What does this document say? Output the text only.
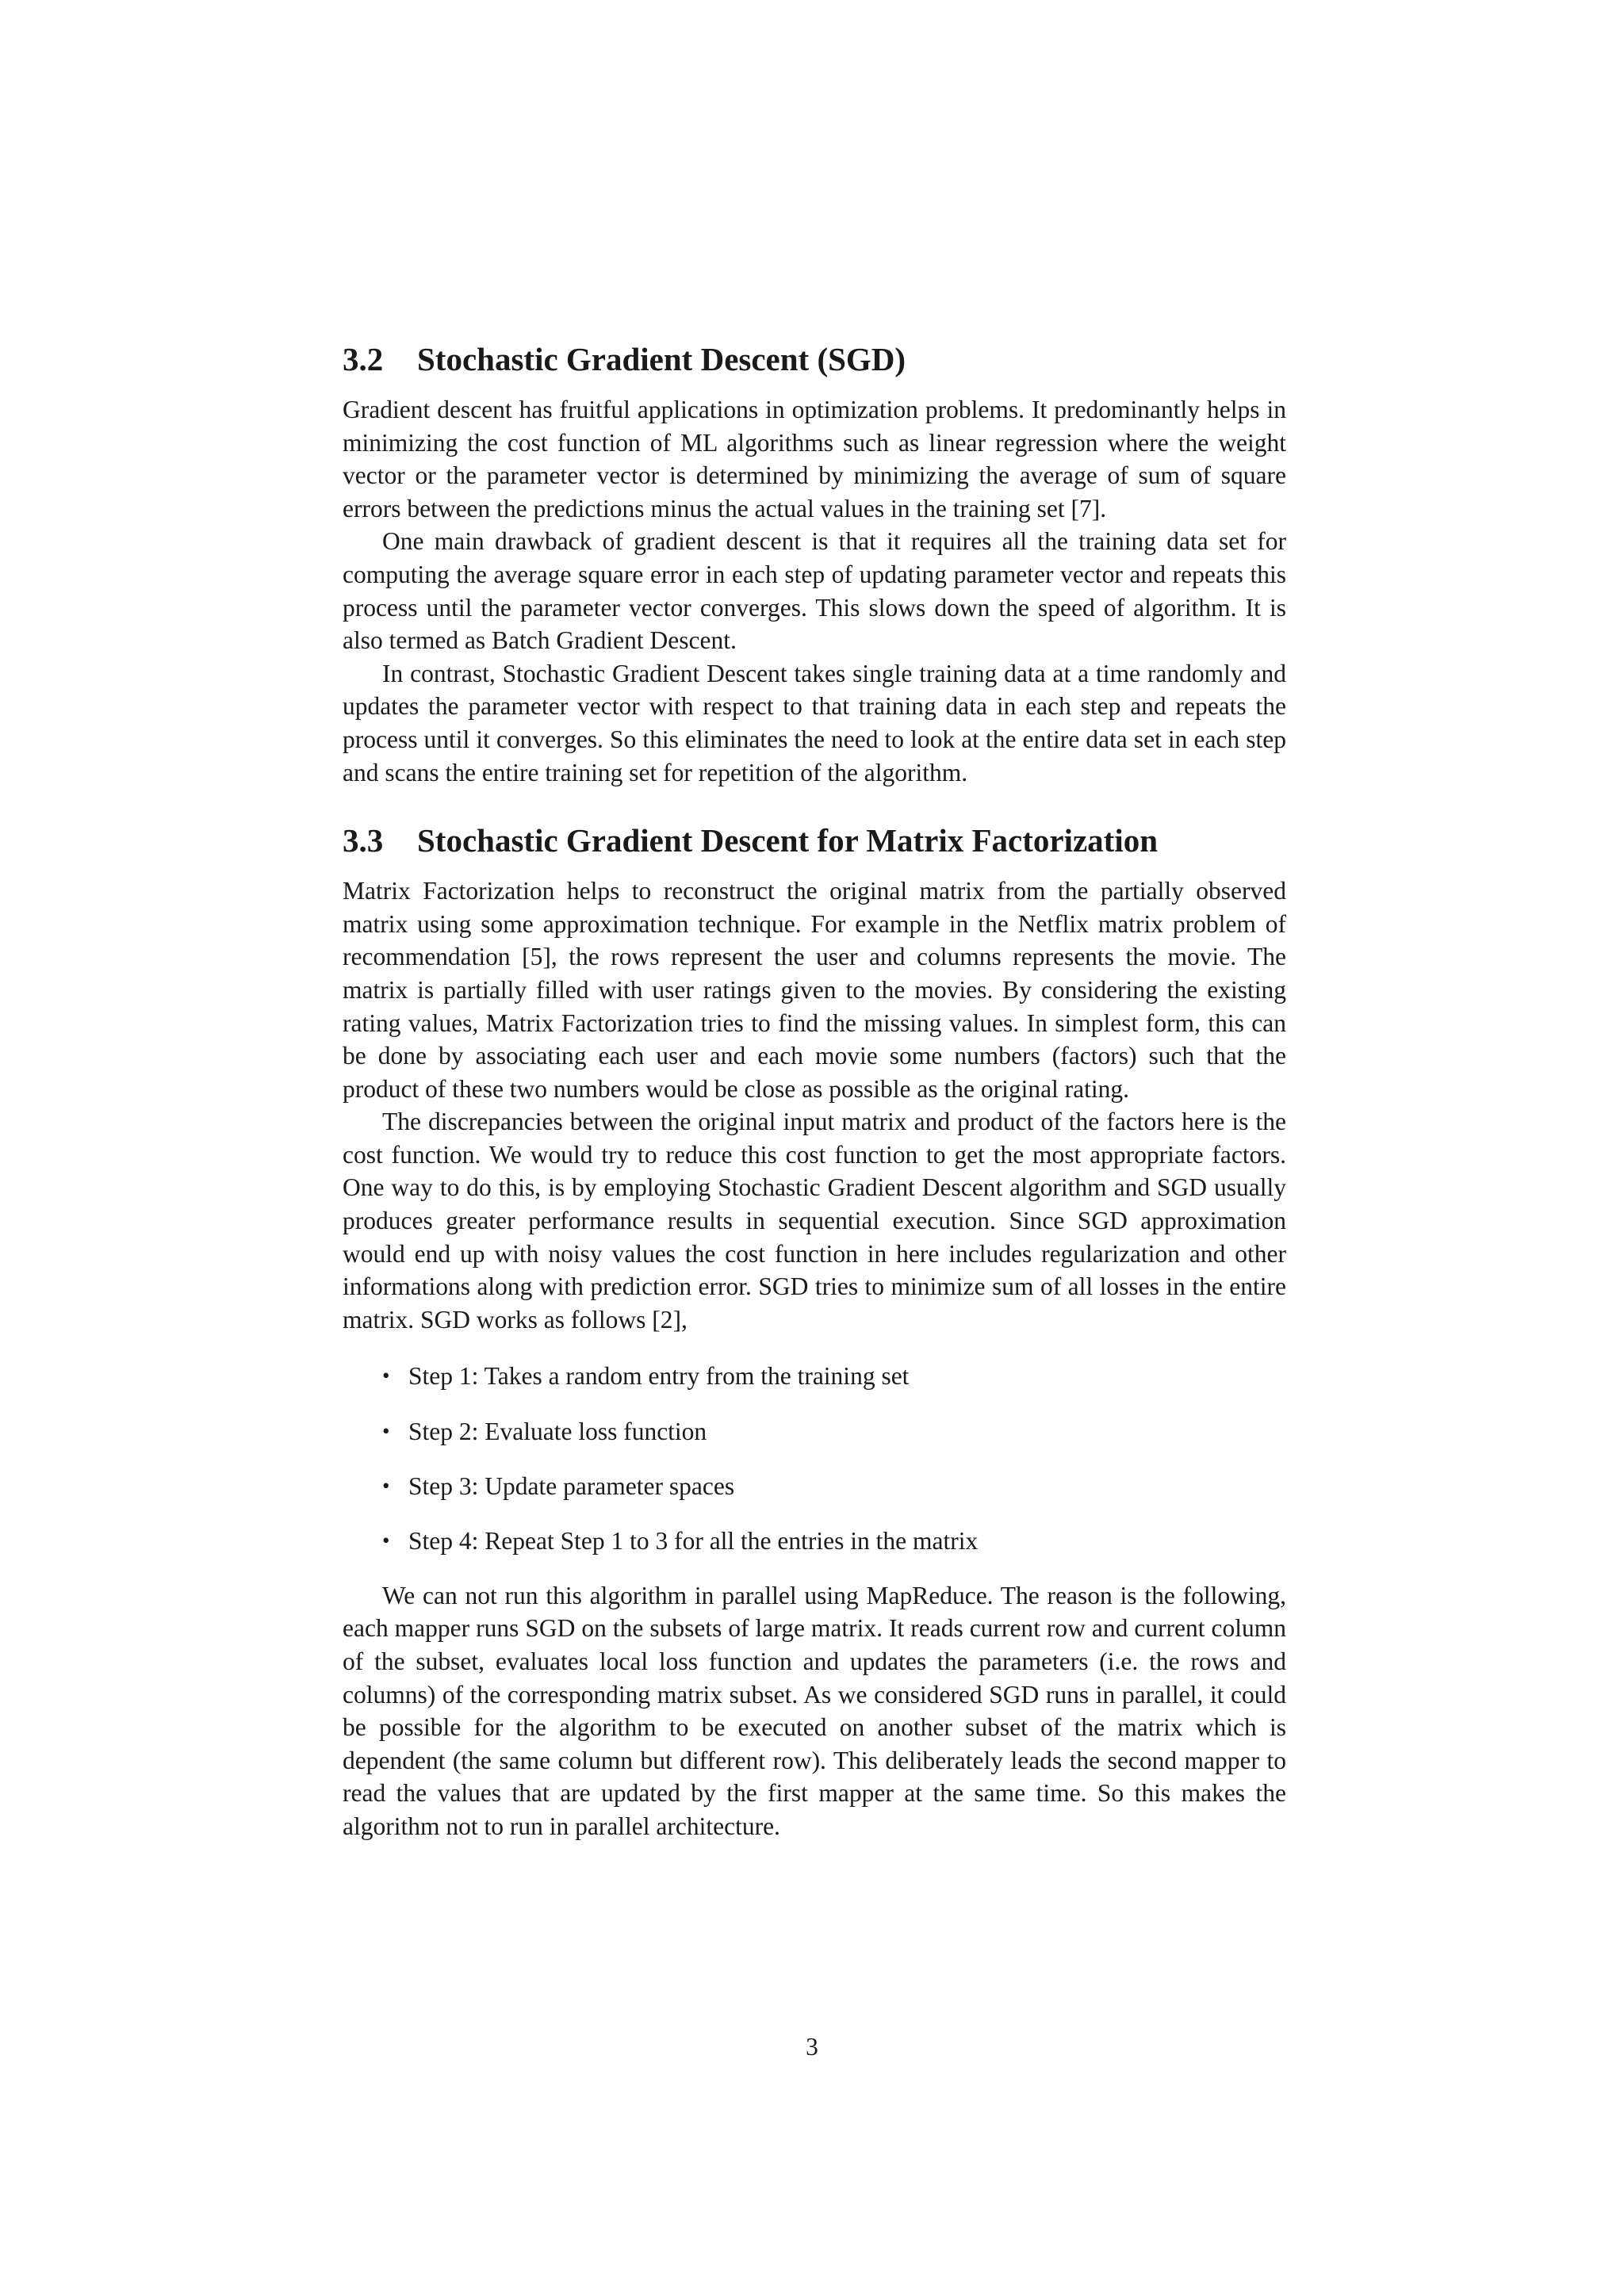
3.2 Stochastic Gradient Descent (SGD)

Gradient descent has fruitful applications in optimization problems. It predominantly helps in minimizing the cost function of ML algorithms such as linear regression where the weight vector or the parameter vector is determined by minimizing the average of sum of square errors between the predictions minus the actual values in the training set [7].

One main drawback of gradient descent is that it requires all the training data set for computing the average square error in each step of updating parameter vector and repeats this process until the parameter vector converges. This slows down the speed of algorithm. It is also termed as Batch Gradient Descent.

In contrast, Stochastic Gradient Descent takes single training data at a time randomly and updates the parameter vector with respect to that training data in each step and repeats the process until it converges. So this eliminates the need to look at the entire data set in each step and scans the entire training set for repetition of the algorithm.

3.3 Stochastic Gradient Descent for Matrix Factorization

Matrix Factorization helps to reconstruct the original matrix from the partially observed matrix using some approximation technique. For example in the Netflix matrix problem of recommendation [5], the rows represent the user and columns represents the movie. The matrix is partially filled with user ratings given to the movies. By considering the existing rating values, Matrix Factorization tries to find the missing values. In simplest form, this can be done by associating each user and each movie some numbers (factors) such that the product of these two numbers would be close as possible as the original rating.

The discrepancies between the original input matrix and product of the factors here is the cost function. We would try to reduce this cost function to get the most appropriate factors. One way to do this, is by employing Stochastic Gradient Descent algorithm and SGD usually produces greater performance results in sequential execution. Since SGD approximation would end up with noisy values the cost function in here includes regularization and other informations along with prediction error. SGD tries to minimize sum of all losses in the entire matrix. SGD works as follows [2],

• Step 1: Takes a random entry from the training set
• Step 2: Evaluate loss function
• Step 3: Update parameter spaces
• Step 4: Repeat Step 1 to 3 for all the entries in the matrix

We can not run this algorithm in parallel using MapReduce. The reason is the following, each mapper runs SGD on the subsets of large matrix. It reads current row and current column of the subset, evaluates local loss function and updates the parameters (i.e. the rows and columns) of the corresponding matrix subset. As we considered SGD runs in parallel, it could be possible for the algorithm to be executed on another subset of the matrix which is dependent (the same column but different row). This deliberately leads the second mapper to read the values that are updated by the first mapper at the same time. So this makes the algorithm not to run in parallel architecture.

3
